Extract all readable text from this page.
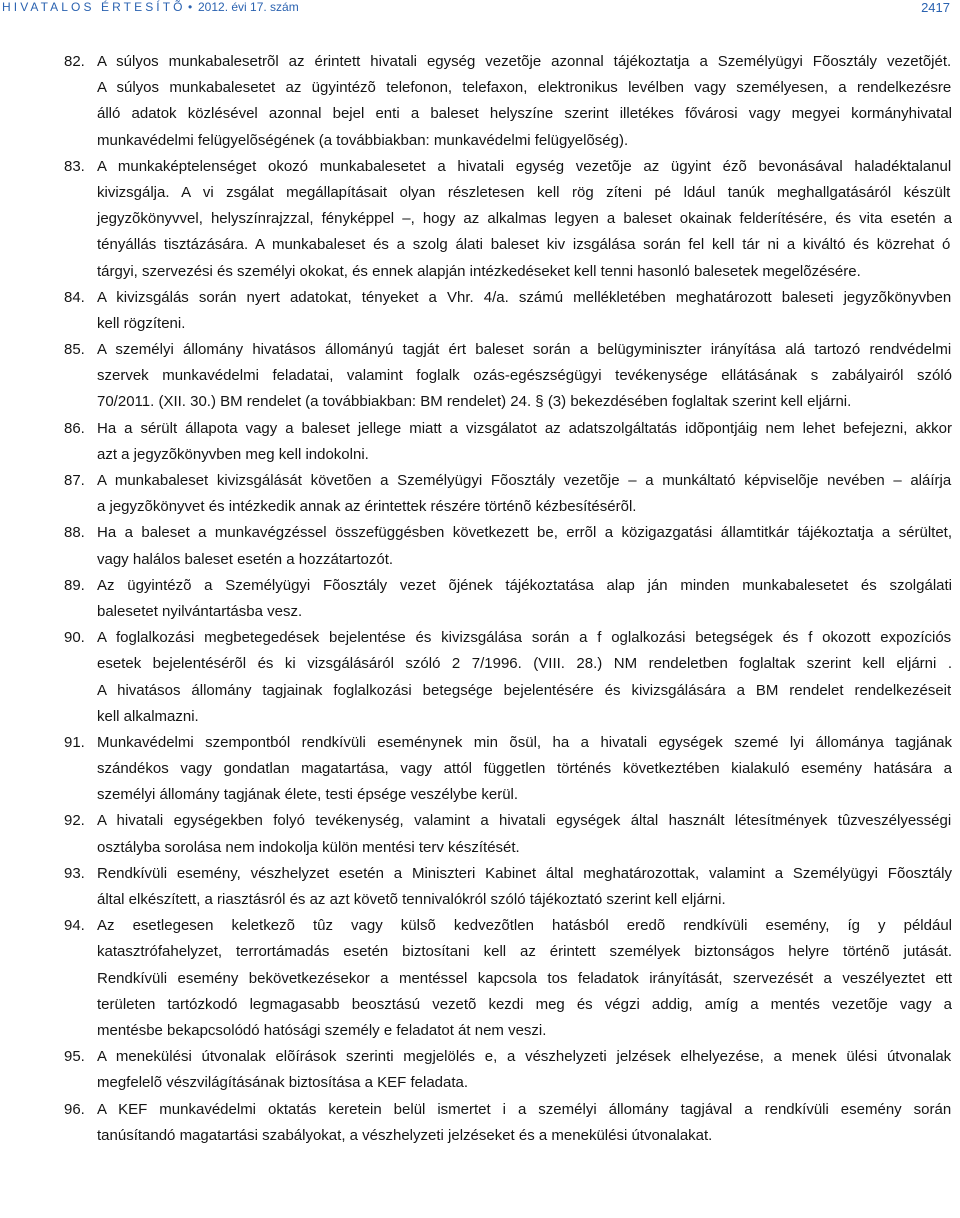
HIVATALOS ÉRTESÍTÕ • 2012. évi 17. szám	2417
82. A súlyos munkabalesetrõl az érintett hivatali egység vezetõje azonnal tájékoztatja a Személyügyi Fõosztály vezetõjét.
A súlyos munkabalesetet az ügyintézõ telefonon, telefaxon, elektronikus levélben vagy személyesen, a rendelkezésre
álló adatok közlésével azonnal bejel enti a baleset helyszíne szerint illetékes fővárosi vagy megyei kormányhivatal
munkavédelmi felügyelõségének (a továbbiakban: munkavédelmi felügyelõség).
83. A munkaképtelenséget okozó munkabalesetet a hivatali egység vezetõje az ügyint ézõ bevonásával haladéktalanul
kivizsgálja. A vi zsgálat megállapításait olyan részletesen kell rög zíteni pé ldául tanúk meghallgatásáról készült
jegyzõkönyvvel, helyszínrajzzal, fényképpel –, hogy az alkalmas legyen a baleset okainak felderítésére, és vita esetén a
tényállás tisztázására. A munkabaleset és a szolg álati baleset kiv izsgálása során fel kell tár ni a kiváltó és közrehat ó
tárgyi, szervezési és személyi okokat, és ennek alapján intézkedéseket kell tenni hasonló balesetek megelõzésére.
84. A kivizsgálás során nyert adatokat, tényeket a Vhr. 4/a. számú mellékletében meghatározott baleseti jegyzõkönyvben
kell rögzíteni.
85. A személyi állomány hivatásos állományú tagját ért baleset során a belügyminiszter irányítása alá tartozó rendvédelmi
szervek munkavédelmi feladatai, valamint foglalk ozás-egészségügyi tevékenysége ellátásának s zabályairól szóló
70/2011. (XII. 30.) BM rendelet (a továbbiakban: BM rendelet) 24. § (3) bekezdésében foglaltak szerint kell eljárni.
86. Ha a sérült állapota vagy a baleset jellege miatt a vizsgálatot az adatszolgáltatás idõpontjáig nem lehet befejezni, akkor
azt a jegyzõkönyvben meg kell indokolni.
87. A munkabaleset kivizsgálását követõen a Személyügyi Fõosztály vezetõje – a munkáltató képviselõje nevében – aláírja
a jegyzõkönyvet és intézkedik annak az érintettek részére történõ kézbesítésérõl.
88. Ha a baleset a munkavégzéssel összefüggésben következett be, errõl a közigazgatási államtitkár tájékoztatja a sérültet,
vagy halálos baleset esetén a hozzátartozót.
89. Az ügyintézõ a Személyügyi Fõosztály vezet õjének tájékoztatása alap ján minden munkabalesetet és szolgálati
balesetet nyilvántartásba vesz.
90. A foglalkozási megbetegedések bejelentése és kivizsgálása során a f oglalkozási betegségek és f okozott expozíciós
esetek bejelentésérõl és ki vizsgálásáról szóló 2 7/1996. (VIII. 28.) NM rendeletben foglaltak szerint kell eljárni .
A hivatásos állomány tagjainak foglalkozási betegsége bejelentésére és kivizsgálására a BM rendelet rendelkezéseit
kell alkalmazni.
91. Munkavédelmi szempontból rendkívüli eseménynek min õsül, ha a hivatali egységek szemé lyi állománya tagjának
szándékos vagy gondatlan magatartása, vagy attól független történés következtében kialakuló esemény hatására a
személyi állomány tagjának élete, testi épsége veszélybe kerül.
92. A hivatali egységekben folyó tevékenység, valamint a hivatali egységek által használt létesítmények tûzveszélyességi
osztályba sorolása nem indokolja külön mentési terv készítését.
93. Rendkívüli esemény, vészhelyzet esetén a Miniszteri Kabinet által meghatározottak, valamint a Személyügyi Fõosztály
által elkészített, a riasztásról és az azt követõ tennivalókról szóló tájékoztató szerint kell eljárni.
94. Az esetlegesen keletkezõ tûz vagy külsõ kedvezõtlen hatásból eredõ rendkívüli esemény, íg y például
katasztrófahelyzet, terrortámadás esetén biztosítani kell az érintett személyek biztonságos helyre történõ jutását.
Rendkívüli esemény bekövetkezésekor a mentéssel kapcsola tos feladatok irányítását, szervezését a veszélyeztet ett
területen tartózkodó legmagasabb beosztású vezetõ kezdi meg és végzi addig, amíg a mentés vezetõje vagy a
mentésbe bekapcsolódó hatósági személy e feladatot át nem veszi.
95. A menekülési útvonalak elõírások szerinti megjelölés e, a vészhelyzeti jelzések elhelyezése, a menek ülési útvonalak
megfelelõ vészvilágításának biztosítása a KEF feladata.
96. A KEF munkavédelmi oktatás keretein belül ismertet i a személyi állomány tagjával a rendkívüli esemény során
tanúsítandó magatartási szabályokat, a vészhelyzeti jelzéseket és a menekülési útvonalakat.
